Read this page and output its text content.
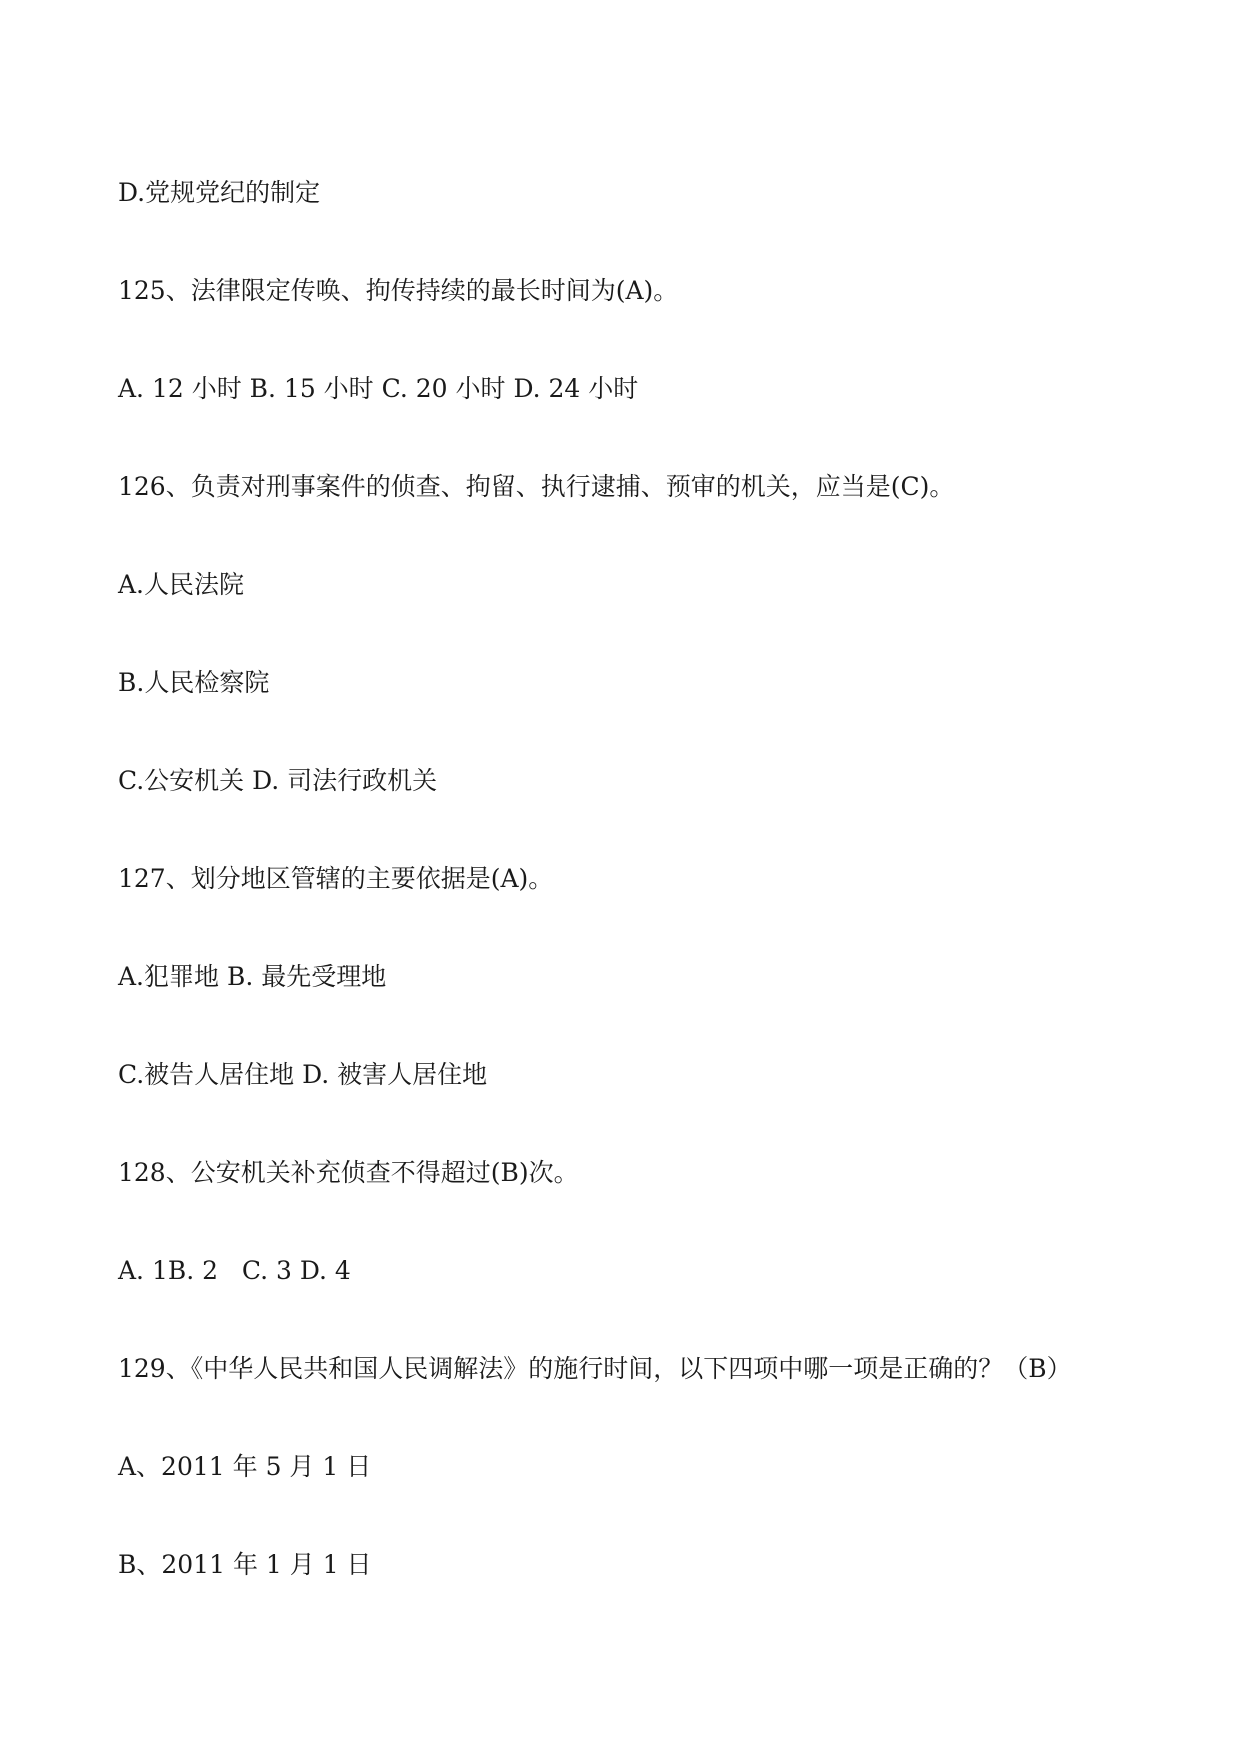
D.党规党纪的制定
125、法律限定传唤、拘传持续的最长时间为(A)。
A. 12 小时 B. 15 小时 C. 20 小时 D. 24 小时
126、负责对刑事案件的侦查、拘留、执行逮捕、预审的机关，应当是(C)。
A.人民法院
B.人民检察院
C.公安机关 D. 司法行政机关
127、划分地区管辖的主要依据是(A)。
A.犯罪地 B. 最先受理地
C.被告人居住地 D. 被害人居住地
128、公安机关补充侦查不得超过(B)次。
A. 1B. 2   C. 3 D. 4
129、《中华人民共和国人民调解法》的施行时间，以下四项中哪一项是正确的？（B）
A、2011 年 5 月 1 日
B、2011 年 1 月 1 日
